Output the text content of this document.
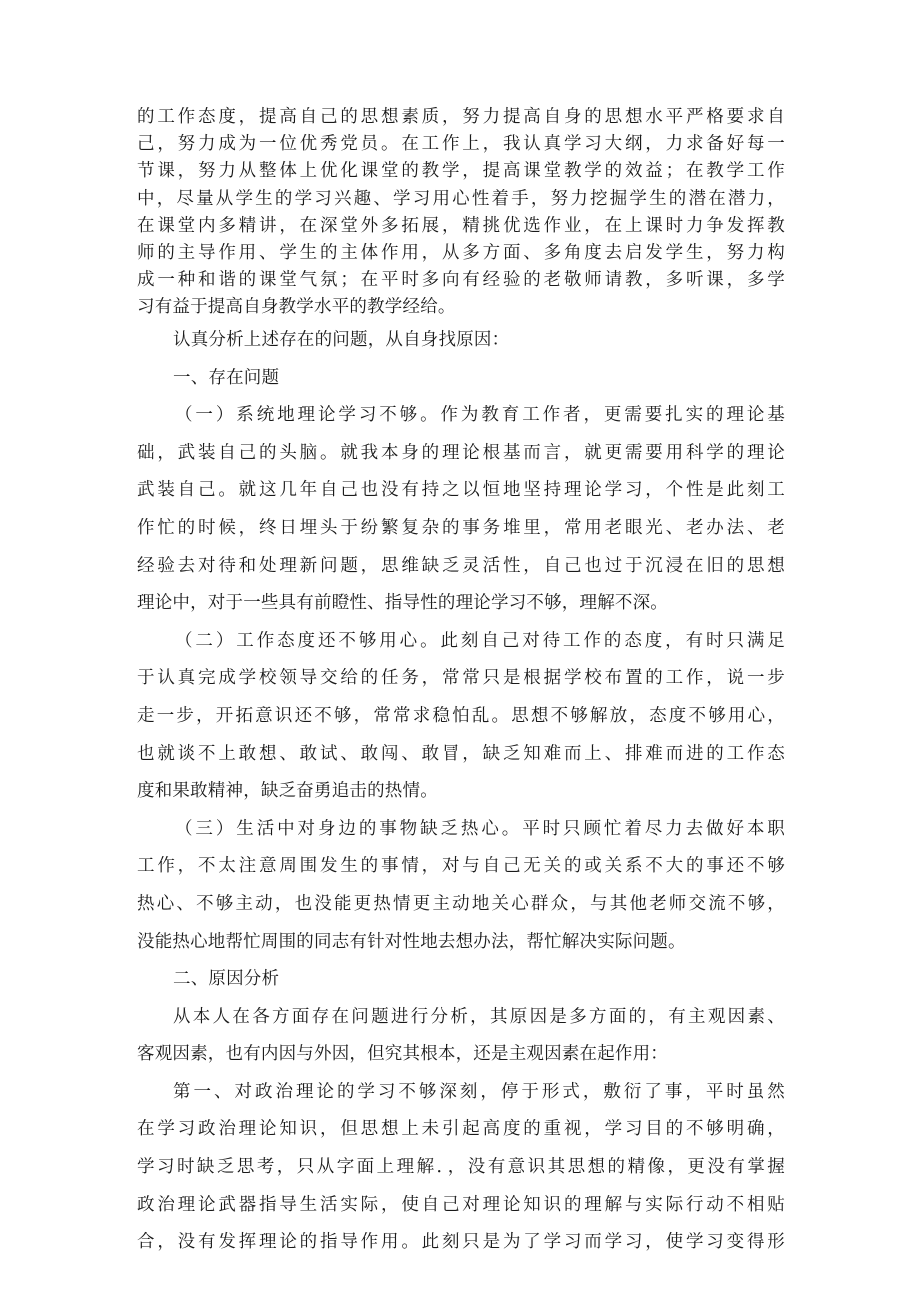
的工作态度，提高自己的思想素质，努力提高自身的思想水平严格要求自
己，努力成为一位优秀党员。在工作上，我认真学习大纲，力求备好每一
节课，努力从整体上优化课堂的教学，提高课堂教学的效益；在教学工作
中，尽量从学生的学习兴趣、学习用心性着手，努力挖掘学生的潜在潜力，
在课堂内多精讲，在深堂外多拓展，精挑优选作业，在上课时力争发挥教
师的主导作用、学生的主体作用，从多方面、多角度去启发学生，努力构
成一种和谐的课堂气氛；在平时多向有经验的老敬师请教，多听课，多学
习有益于提高自身教学水平的教学经给。
认真分析上述存在的问题，从自身找原因：
一、存在问题
（一）系统地理论学习不够。作为教育工作者，更需要扎实的理论基
础，武装自己的头脑。就我本身的理论根基而言，就更需要用科学的理论
武装自己。就这几年自己也没有持之以恒地坚持理论学习，个性是此刻工
作忙的时候，终日埋头于纷繁复杂的事务堆里，常用老眼光、老办法、老
经验去对待和处理新问题，思维缺乏灵活性，自己也过于沉浸在旧的思想
理论中，对于一些具有前瞪性、指导性的理论学习不够，理解不深。
（二）工作态度还不够用心。此刻自己对待工作的态度，有时只满足
于认真完成学校领导交给的任务，常常只是根据学校布置的工作，说一步
走一步，开拓意识还不够，常常求稳怕乱。思想不够解放，态度不够用心，
也就谈不上敢想、敢试、敢闯、敢冒，缺乏知难而上、排难而进的工作态
度和果敢精神，缺乏奋勇追击的热情。
（三）生活中对身边的事物缺乏热心。平时只顾忙着尽力去做好本职
工作，不太注意周围发生的事情，对与自己无关的或关系不大的事还不够
热心、不够主动，也没能更热情更主动地关心群众，与其他老师交流不够，
没能热心地帮忙周围的同志有针对性地去想办法，帮忙解决实际问题。
二、原因分析
从本人在各方面存在问题进行分析，其原因是多方面的，有主观因素、
客观因素，也有内因与外因，但究其根本，还是主观因素在起作用：
第一、对政治理论的学习不够深刻，停于形式，敷衍了事，平时虽然
在学习政治理论知识，但思想上未引起高度的重视，学习目的不够明确，
学习时缺乏思考，只从字面上理解．，没有意识其思想的精像，更没有掌握
政治理论武器指导生活实际，使自己对理论知识的理解与实际行动不相贴
合，没有发挥理论的指导作用。此刻只是为了学习而学习，使学习变得形
